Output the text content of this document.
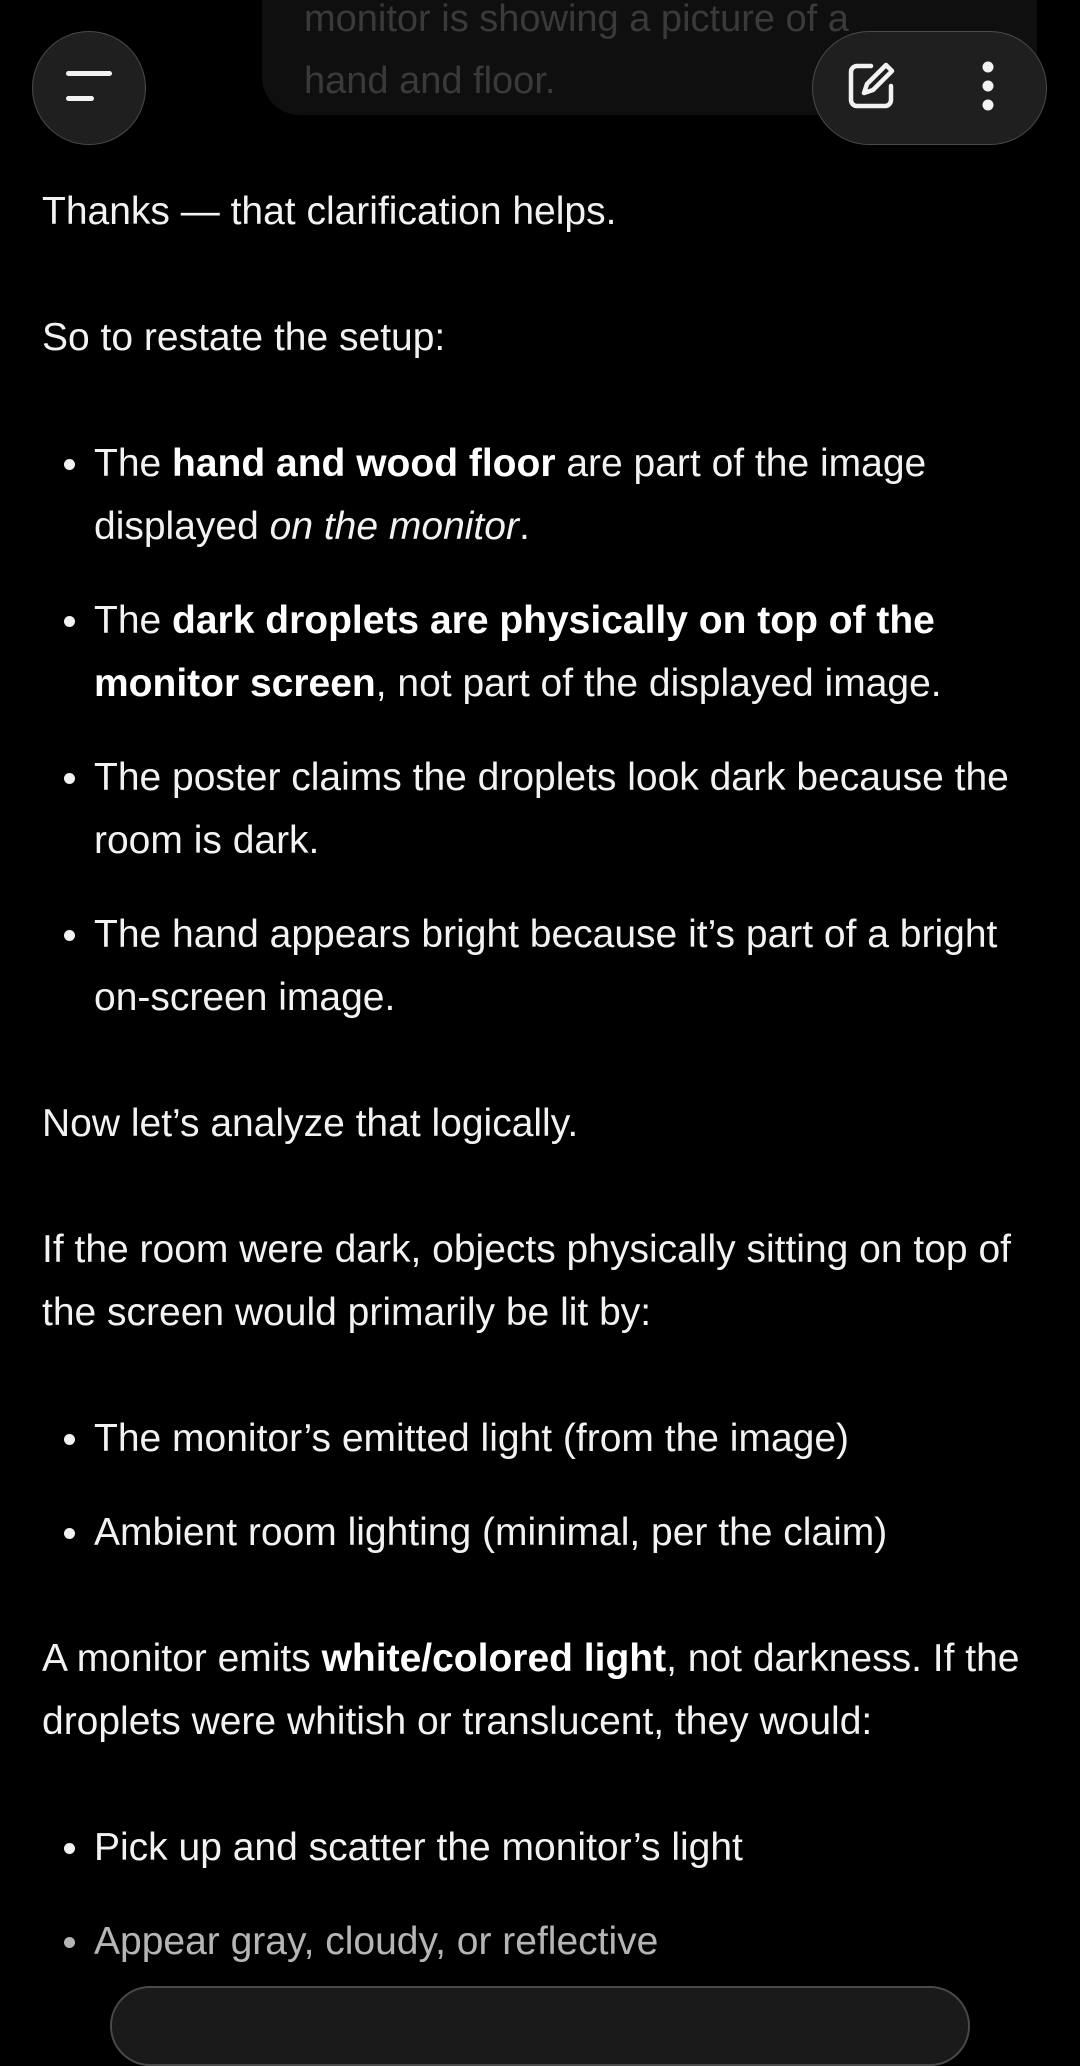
monitor is showing a picture of a
hand and floor.

Thanks — that clarification helps.

So to restate the setup:

The hand and wood floor are part of the image displayed on the monitor.
The dark droplets are physically on top of the monitor screen, not part of the displayed image.
The poster claims the droplets look dark because the room is dark.
The hand appears bright because it’s part of a bright on-screen image.

Now let’s analyze that logically.

If the room were dark, objects physically sitting on top of the screen would primarily be lit by:

The monitor’s emitted light (from the image)
Ambient room lighting (minimal, per the claim)

A monitor emits white/colored light, not darkness. If the droplets were whitish or translucent, they would:

Pick up and scatter the monitor’s light
Appear gray, cloudy, or reflective
